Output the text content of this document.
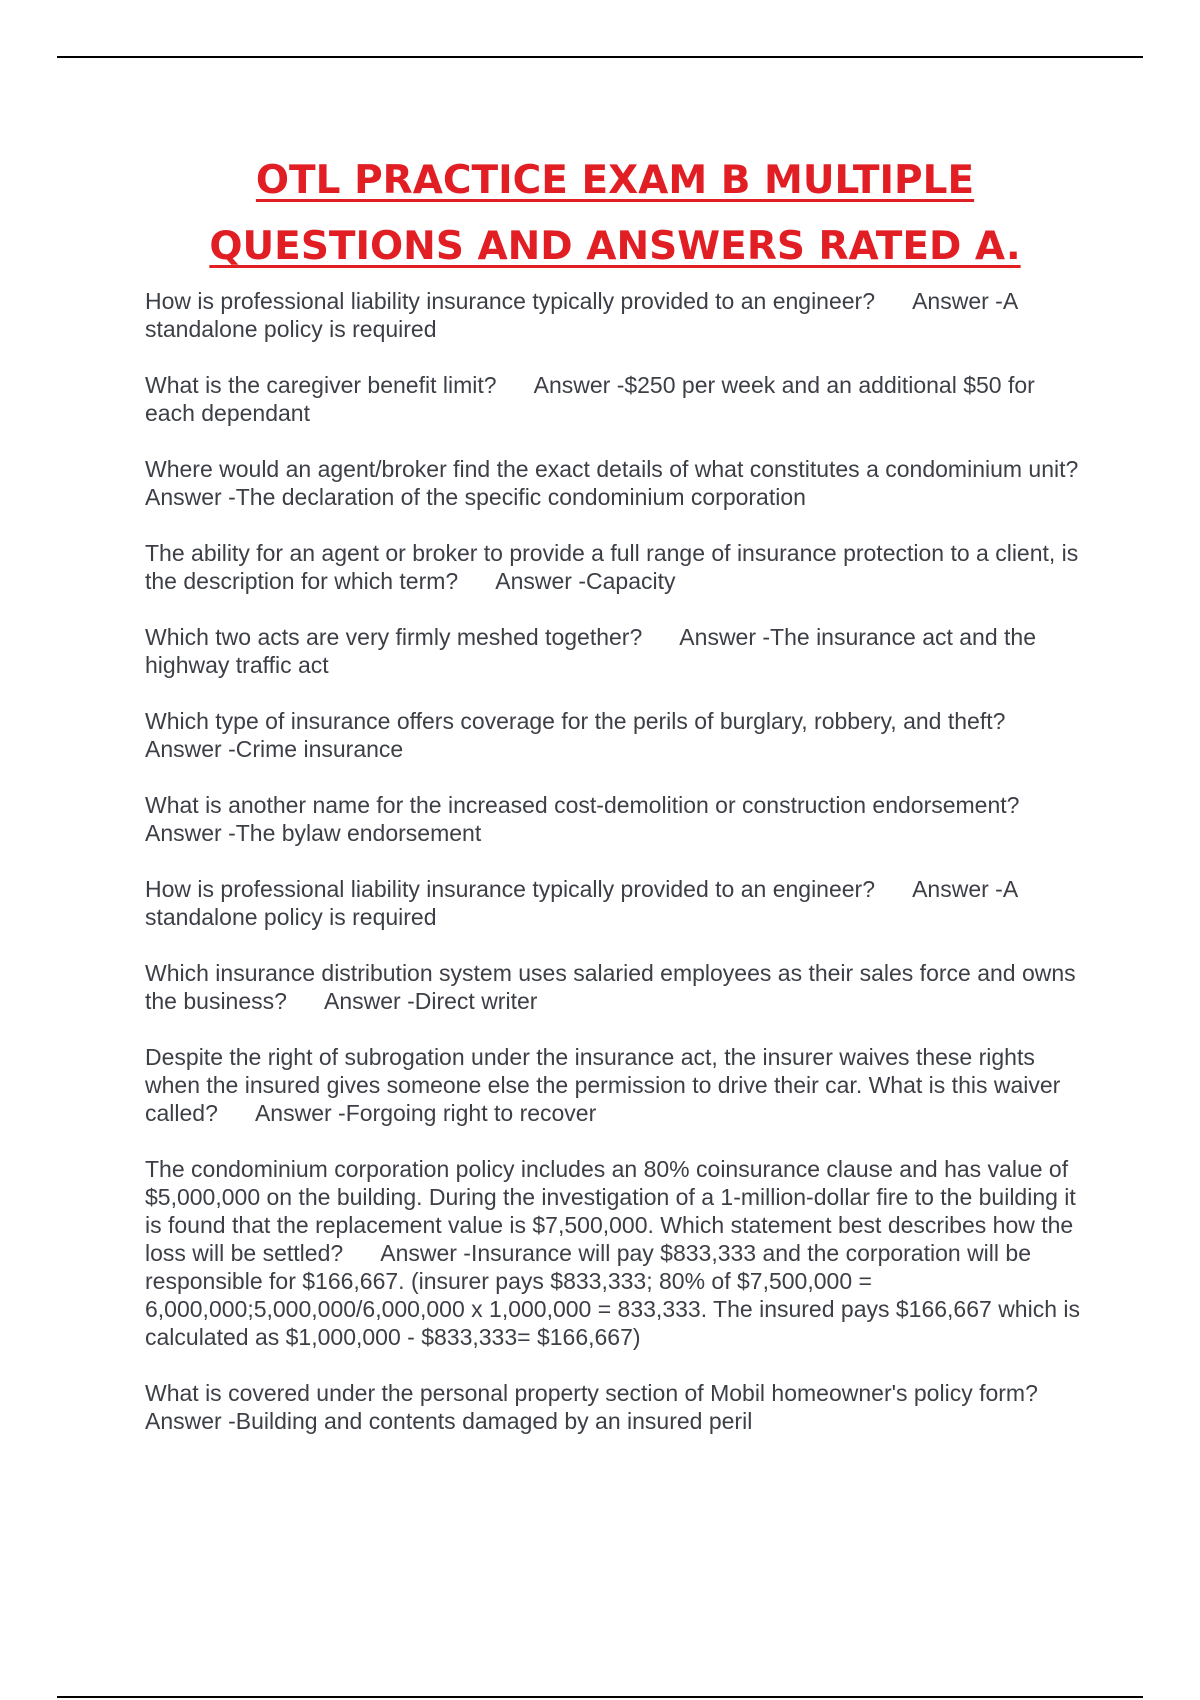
OTL PRACTICE EXAM B MULTIPLE QUESTIONS AND ANSWERS RATED A.
How is professional liability insurance typically provided to an engineer?      Answer -A standalone policy is required
What is the caregiver benefit limit?      Answer -$250 per week and an additional $50 for each dependant
Where would an agent/broker find the exact details of what constitutes a condominium unit?      Answer -The declaration of the specific condominium corporation
The ability for an agent or broker to provide a full range of insurance protection to a client, is the description for which term?      Answer -Capacity
Which two acts are very firmly meshed together?      Answer -The insurance act and the highway traffic act
Which type of insurance offers coverage for the perils of burglary, robbery, and theft?      Answer -Crime insurance
What is another name for the increased cost-demolition or construction endorsement?      Answer -The bylaw endorsement
How is professional liability insurance typically provided to an engineer?      Answer -A standalone policy is required
Which insurance distribution system uses salaried employees as their sales force and owns the business?      Answer -Direct writer
Despite the right of subrogation under the insurance act, the insurer waives these rights when the insured gives someone else the permission to drive their car. What is this waiver called?      Answer -Forgoing right to recover
The condominium corporation policy includes an 80% coinsurance clause and has value of $5,000,000 on the building. During the investigation of a 1-million-dollar fire to the building it is found that the replacement value is $7,500,000. Which statement best describes how the loss will be settled?      Answer -Insurance will pay $833,333 and the corporation will be responsible for $166,667. (insurer pays $833,333; 80% of $7,500,000 = 6,000,000;5,000,000/6,000,000 x 1,000,000 = 833,333. The insured pays $166,667 which is calculated as $1,000,000 - $833,333= $166,667)
What is covered under the personal property section of Mobil homeowner's policy form?      Answer -Building and contents damaged by an insured peril
